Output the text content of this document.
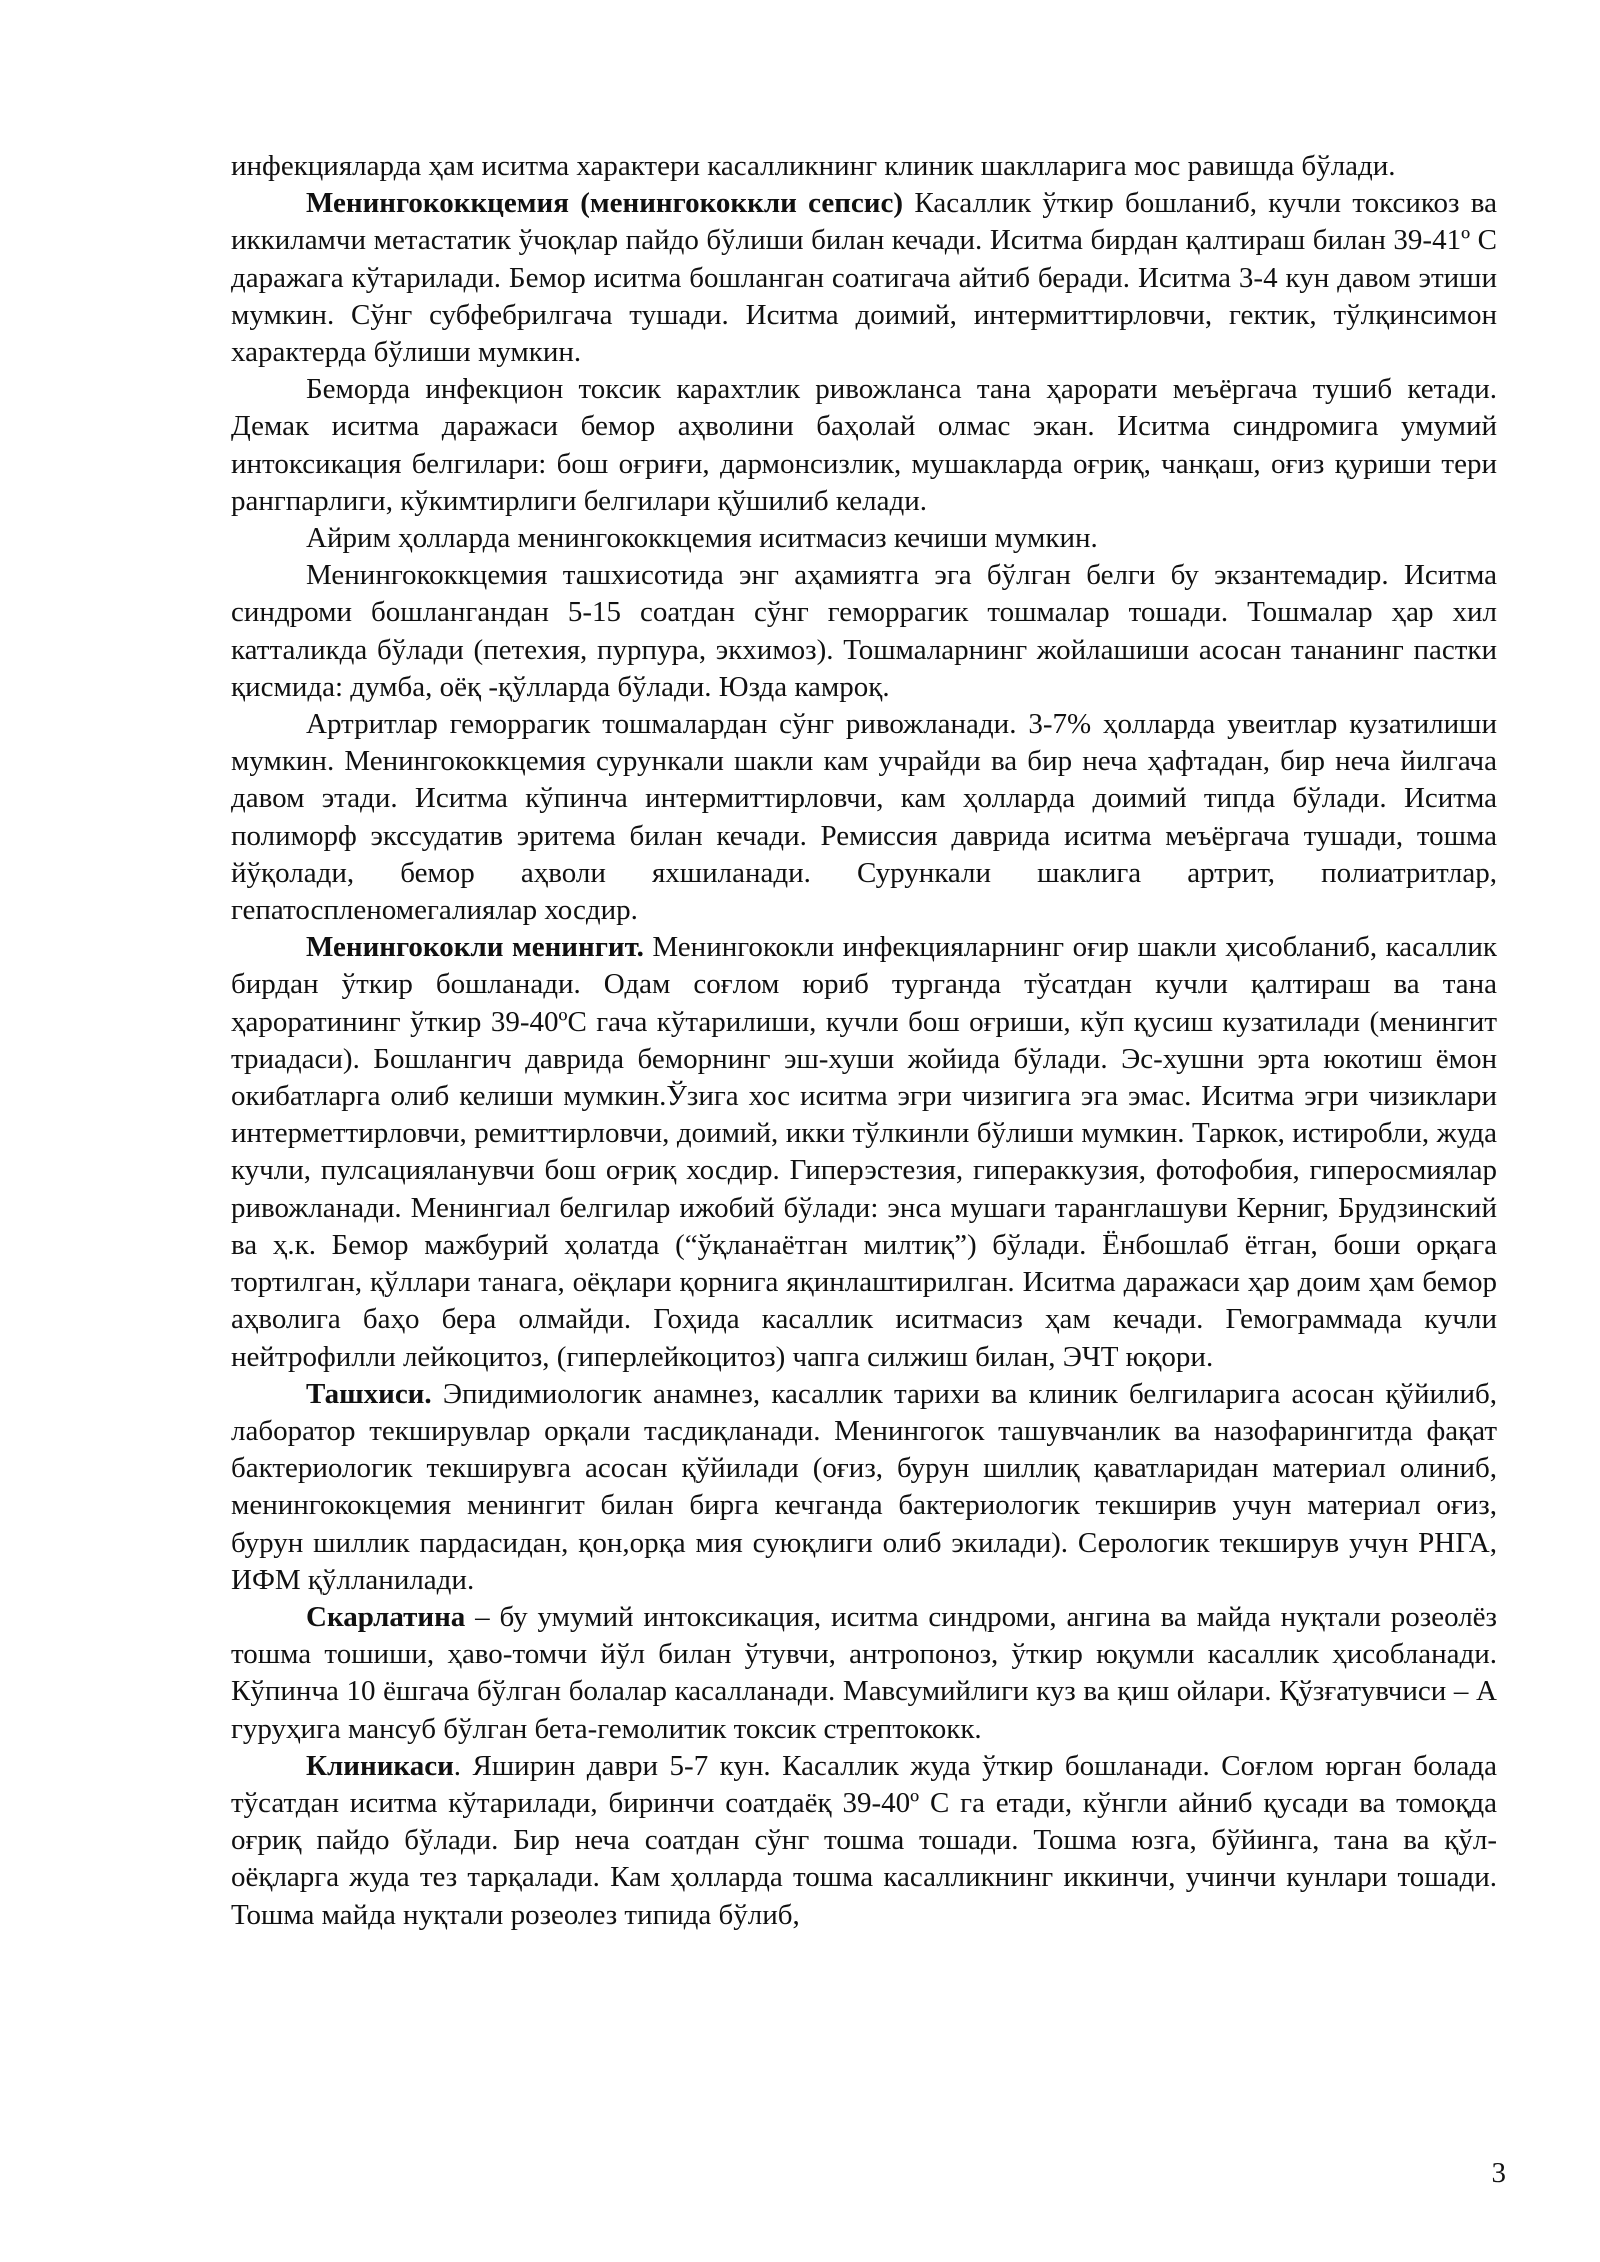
инфекцияларда ҳам иситма характери касалликнинг клиник шаклларига мос равишда бўлади.

Менингококкцемия (менингококкли сепсис) Касаллик ўткир бошланиб, кучли токсикоз ва иккиламчи метастатик ўчоқлар пайдо бўлиши билан кечади. Иситма бирдан қалтираш билан 39-41º С даражага кўтарилади. Бемор иситма бошланган соатигача айтиб беради. Иситма 3-4 кун давом этиши мумкин. Сўнг субфебрилгача тушади. Иситма доимий, интермиттирловчи, гектик, тўлқинсимон характерда бўлиши мумкин.

Беморда инфекцион токсик карахтлик ривожланса тана ҳарорати меъёргача тушиб кетади. Демак иситма даражаси бемор аҳволини баҳолай олмас экан. Иситма синдромига умумий интоксикация белгилари: бош оғриғи, дармонсизлик, мушакларда оғриқ, чанқаш, оғиз қуриши тери рангпарлиги, кўкимтирлиги белгилари қўшилиб келади.

Айрим ҳолларда менингококкцемия иситмасиз кечиши мумкин.

Менингококкцемия ташхисотида энг аҳамиятга эга бўлган белги бу экзантемадир. Иситма синдроми бошлангандан 5-15 соатдан сўнг геморрагик тошмалар тошади. Тошмалар ҳар хил катталикда бўлади (петехия, пурпура, экхимоз). Тошмаларнинг жойлашиши асосан тананинг пастки қисмида: думба, оёқ -қўлларда бўлади. Юзда камроқ.

Артритлар геморрагик тошмалардан сўнг ривожланади. 3-7% ҳолларда увеитлар кузатилиши мумкин. Менингококкцемия сурункали шакли кам учрайди ва бир неча ҳафтадан, бир неча йилгача давом этади. Иситма кўпинча интермиттирловчи, кам ҳолларда доимий типда бўлади. Иситма полиморф экссудатив эритема билан кечади. Ремиссия даврида иситма меъёргача тушади, тошма йўқолади, бемор аҳволи яхшиланади. Сурункали шаклига артрит, полиатритлар, гепатоспленомегалиялар хосдир.

Менингококли менингит. Менингококли инфекцияларнинг оғир шакли ҳисобланиб, касаллик бирдан ўткир бошланади. Одам соғлом юриб турганда тўсатдан кучли қалтираш ва тана ҳароратининг ўткир 39-40ºС гача кўтарилиши, кучли бош оғриши, кўп қусиш кузатилади (менингит триадаси). Бошлангич даврида беморнинг эш-хуши жойида бўлади. Эс-хушни эрта юкотиш ёмон окибатларга олиб келиши мумкин.Ўзига хос иситма эгри чизигига эга эмас. Иситма эгри чизиклари интерметтирловчи, ремиттирловчи, доимий, икки тўлкинли бўлиши мумкин. Таркок, истиробли, жуда кучли, пулсацияланувчи бош оғриқ хосдир. Гиперэстезия, гипераккузия, фотофобия, гиперосмиялар ривожланади. Менингиал белгилар ижобий бўлади: энса мушаги таранглашуви Керниг, Брудзинский ва ҳ.к. Бемор мажбурий ҳолатда (“ўқланаётган милтиқ”) бўлади. Ёнбошлаб ётган, боши орқага тортилган, қўллари танага, оёқлари қорнига яқинлаштирилган. Иситма даражаси ҳар доим ҳам бемор аҳволига баҳо бера олмайди. Гоҳида касаллик иситмасиз ҳам кечади. Гемограммада кучли нейтрофилли лейкоцитоз, (гиперлейкоцитоз) чапга силжиш билан, ЭЧТ юқори.

Ташхиси. Эпидимиологик анамнез, касаллик тарихи ва клиник белгиларига асосан қўйилиб, лаборатор текширувлар орқали тасдиқланади. Менингогок ташувчанлик ва назофарингитда фақат бактериологик текширувга асосан қўйилади (оғиз, бурун шиллиқ қаватларидан материал олиниб, менингококцемия менингит билан бирга кечганда бактериологик текширив учун материал оғиз, бурун шиллик пардасидан, қон,орқа мия суюқлиги олиб экилади). Серологик текширув учун РНГА, ИФМ қўлланилади.

Скарлатина – бу умумий интоксикация, иситма синдроми, ангина ва майда нуқтали розеолёз тошма тошиши, ҳаво-томчи йўл билан ўтувчи, антропоноз, ўткир юқумли касаллик ҳисобланади. Кўпинча 10 ёшгача бўлган болалар касалланади. Мавсумийлиги куз ва қиш ойлари. Қўзғатувчиси – А гуруҳига мансуб бўлган бета-гемолитик токсик стрептококк.

Клиникаси. Яширин даври 5-7 кун. Касаллик жуда ўткир бошланади. Соғлом юрган болада тўсатдан иситма кўтарилади, биринчи соатдаёқ 39-40º С га етади, кўнгли айниб қусади ва томоқда оғриқ пайдо бўлади. Бир неча соатдан сўнг тошма тошади. Тошма юзга, бўйинга, тана ва қўл-оёқларга жуда тез тарқалади. Кам ҳолларда тошма касалликнинг иккинчи, учинчи кунлари тошади. Тошма майда нуқтали розеолез типида бўлиб,

3
